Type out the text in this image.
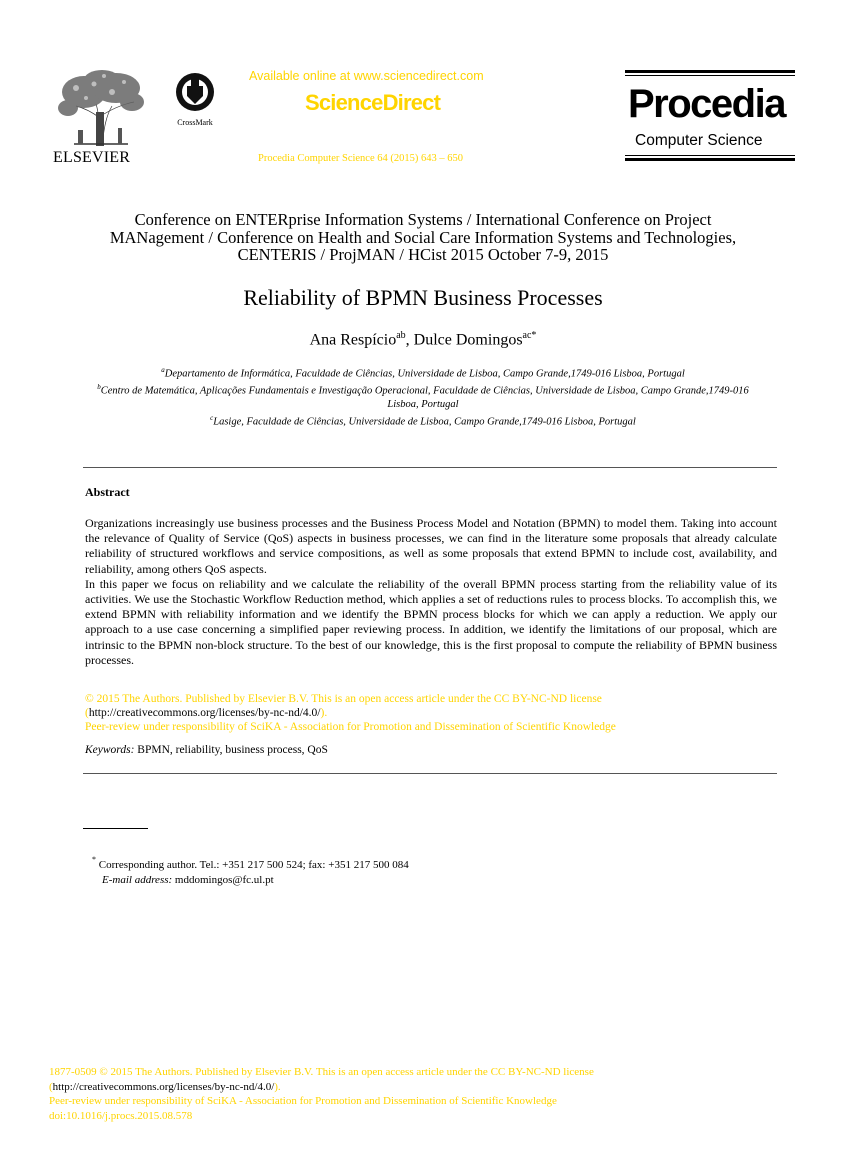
ELSEVIER
CrossMark
Available online at www.sciencedirect.com
ScienceDirect
Procedia Computer Science 64 (2015) 643 – 650
Procedia
Computer Science
Conference on ENTERprise Information Systems / International Conference on Project
MANagement / Conference on Health and Social Care Information Systems and Technologies,
CENTERIS / ProjMAN / HCist 2015 October 7-9, 2015
Reliability of BPMN Business Processes
Ana Respício$^{ab}$, Dulce Domingos$^{ac*}$
$^a$Departamento de Informática, Faculdade de Ciências, Universidade de Lisboa, Campo Grande,1749-016 Lisboa, Portugal
$^b$Centro de Matemática, Aplicações Fundamentais e Investigação Operacional, Faculdade de Ciências, Universidade de Lisboa, Campo Grande,1749-016 Lisboa, Portugal
$^c$Lasige, Faculdade de Ciências, Universidade de Lisboa, Campo Grande,1749-016 Lisboa, Portugal
Abstract

Organizations increasingly use business processes and the Business Process Model and Notation (BPMN) to model them. Taking into account the relevance of Quality of Service (QoS) aspects in business processes, we can find in the literature some proposals that already calculate reliability of structured workflows and service compositions, as well as some proposals that extend BPMN to include cost, availability, and reliability, among others QoS aspects.

In this paper we focus on reliability and we calculate the reliability of the overall BPMN process starting from the reliability value of its activities. We use the Stochastic Workflow Reduction method, which applies a set of reductions rules to process blocks. To accomplish this, we extend BPMN with reliability information and we identify the BPMN process blocks for which we can apply a reduction. We apply our approach to a use case concerning a simplified paper reviewing process. In addition, we identify the limitations of our proposal, which are intrinsic to the BPMN non-block structure. To the best of our knowledge, this is the first proposal to compute the reliability of BPMN business processes.

© 2015 The Authors. Published by Elsevier B.V. This is an open access article under the CC BY-NC-ND license
(http://creativecommons.org/licenses/by-nc-nd/4.0/).
Peer-review under responsibility of SciKA - Association for Promotion and Dissemination of Scientific Knowledge
Keywords: BPMN, reliability, business process, QoS
* Corresponding author. Tel.: +351 217 500 524; fax: +351 217 500 084
E-mail address: mddomingos@fc.ul.pt
1877-0509 © 2015 The Authors. Published by Elsevier B.V. This is an open access article under the CC BY-NC-ND license
(http://creativecommons.org/licenses/by-nc-nd/4.0/).
Peer-review under responsibility of SciKA - Association for Promotion and Dissemination of Scientific Knowledge
doi:10.1016/j.procs.2015.08.578
